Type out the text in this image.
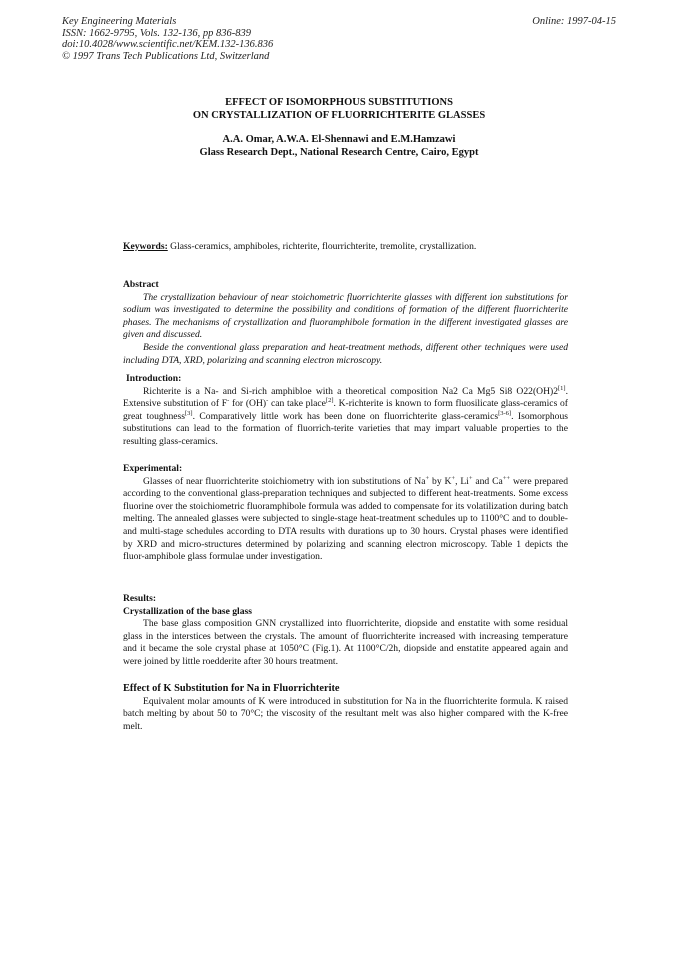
Key Engineering Materials
ISSN: 1662-9795, Vols. 132-136, pp 836-839
doi:10.4028/www.scientific.net/KEM.132-136.836
© 1997 Trans Tech Publications Ltd, Switzerland
Online: 1997-04-15
EFFECT OF ISOMORPHOUS SUBSTITUTIONS
ON CRYSTALLIZATION OF FLUORRICHTERITE GLASSES
A.A. Omar, A.W.A. El-Shennawi and E.M.Hamzawi
Glass Research Dept., National Research Centre, Cairo, Egypt
Keywords: Glass-ceramics, amphiboles, richterite, flourrichterite, tremolite, crystallization.
Abstract

The crystallization behaviour of near stoichometric fluorrichterite glasses with different ion substitutions for sodium was investigated to determine the possibility and conditions of formation of the different fluorrichterite phases. The mechanisms of crystallization and fluoramphibole formation in the different investigated glasses are given and discussed.

Beside the conventional glass preparation and heat-treatment methods, different other techniques were used including DTA, XRD, polarizing and scanning electron microscopy.

Introduction:

Richterite is a Na- and Si-rich amphibloe with a theoretical composition Na2 Ca Mg5 Si8 O22(OH)2[1]. Extensive substitution of F- for (OH)- can take place[2]. K-richterite is known to form fluosilicate glass-ceramics of great toughness[3]. Comparatively little work has been done on fluorrichterite glass-ceramics[3-6]. Isomorphous substitutions can lead to the formation of fluorrich-terite varieties that may impart valuable properties to the resulting glass-ceramics.

Experimental:

Glasses of near fluorrichterite stoichiometry with ion substitutions of Na+ by K+, Li+ and Ca++ were prepared according to the conventional glass-preparation techniques and subjected to different heat-treatments. Some excess fluorine over the stoichiometric fluoramphibole formula was added to compensate for its volatilization during batch melting. The annealed glasses were subjected to single-stage heat-treatment schedules up to 1100°C and to double- and multi-stage schedules according to DTA results with durations up to 30 hours. Crystal phases were identified by XRD and micro-structures determined by polarizing and scanning electron microscopy. Table 1 depicts the fluor-amphibole glass formulae under investigation.

Results:
Crystallization of the base glass

The base glass composition GNN crystallized into fluorrichterite, diopside and enstatite with some residual glass in the interstices between the crystals. The amount of fluorrichterite increased with increasing temperature and it became the sole crystal phase at 1050°C (Fig.1). At 1100°C/2h, diopside and enstatite appeared again and were joined by little roedderite after 30 hours treatment.

Effect of K Substitution for Na in Fluorrichterite

Equivalent molar amounts of K were introduced in substitution for Na in the fluorrichterite formula. K raised batch melting by about 50 to 70°C; the viscosity of the resultant melt was also higher compared with the K-free melt.
